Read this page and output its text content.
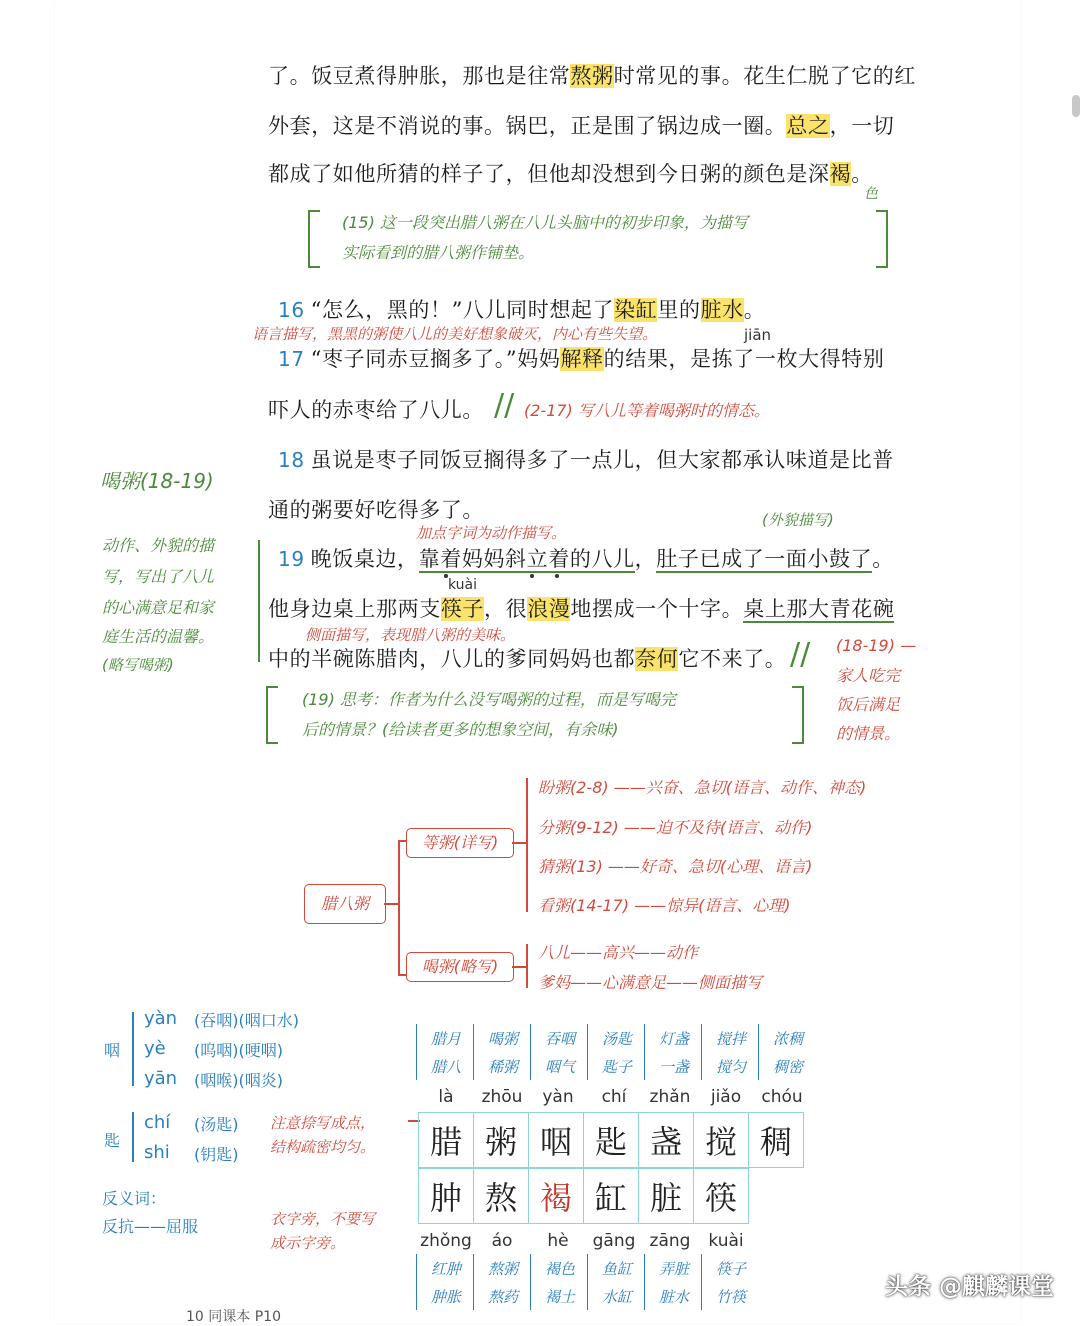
了。饭豆煮得肿胀，那也是往常熬粥时常见的事。花生仁脱了它的红
外套，这是不消说的事。锅巴，正是围了锅边成一圈。总之，一切
都成了如他所猜的样子了，但他却没想到今日粥的颜色是深褐。
色
(15) 这一段突出腊八粥在八儿头脑中的初步印象，为描写
实际看到的腊八粥作铺垫。
16 “怎么，黑的！”八儿同时想起了染缸里的脏水。
语言描写，黑黑的粥使八儿的美好想象破灭，内心有些失望。	jiān
17 “枣子同赤豆搁多了。”妈妈解释的结果，是拣了一枚大得特别
吓人的赤枣给了八儿。 // (2-17) 写八儿等着喝粥时的情态。
18 虽说是枣子同饭豆搁得多了一点儿，但大家都承认味道是比普
通的粥要好吃得多了。
喝粥(18-19)
动作、外貌的描
写，写出了八儿
的心满意足和家
庭生活的温馨。
(略写喝粥)
加点字词为动作描写。
(外貌描写)
19 晚饭桌边，靠着妈妈斜立着的八儿，肚子已成了一面小鼓了。
kuài
他身边桌上那两支筷子，很浪漫地摆成一个十字。桌上那大青花碗
侧面描写，表现腊八粥的美味。
中的半碗陈腊肉，八儿的爹同妈妈也都奈何它不来了。 // (18-19) —
家人吃完
饭后满足
的情景。
(19) 思考：作者为什么没写喝粥的过程，而是写喝完
后的情景？(给读者更多的想象空间，有余味)
腊八粥
等粥(详写)
喝粥(略写)
盼粥(2-8) ——兴奋、急切(语言、动作、神态)
分粥(9-12) ——迫不及待(语言、动作)
猜粥(13) ——好奇、急切(心理、语言)
看粥(14-17) ——惊异(语言、心理)
八儿——高兴——动作
爹妈——心满意足——侧面描写
咽
yàn (吞咽)(咽口水)
yè (呜咽)(哽咽)
yān (咽喉)(咽炎)
匙
chí (汤匙)
shi (钥匙)
注意捺写成点，
结构疏密均匀。
反义词：
反抗——屈服	衣字旁，不要写
成示字旁。
腊月	喝粥	吞咽	汤匙	灯盏	搅拌	浓稠
腊八	稀粥	咽气	匙子	一盏	搅匀	稠密
là	zhōu	yàn	chí	zhǎn	jiǎo	chóu
腊	粥	咽	匙	盏	搅	稠
肿	熬	褐	缸	脏	筷
zhǒng	áo	hè	gāng zāng	kuài
红肿	熬粥	褐色	鱼缸	弄脏	筷子
肿胀	熬药	褐土	水缸	脏水	竹筷
10 同课本 P10
头条 @麒麟课堂
